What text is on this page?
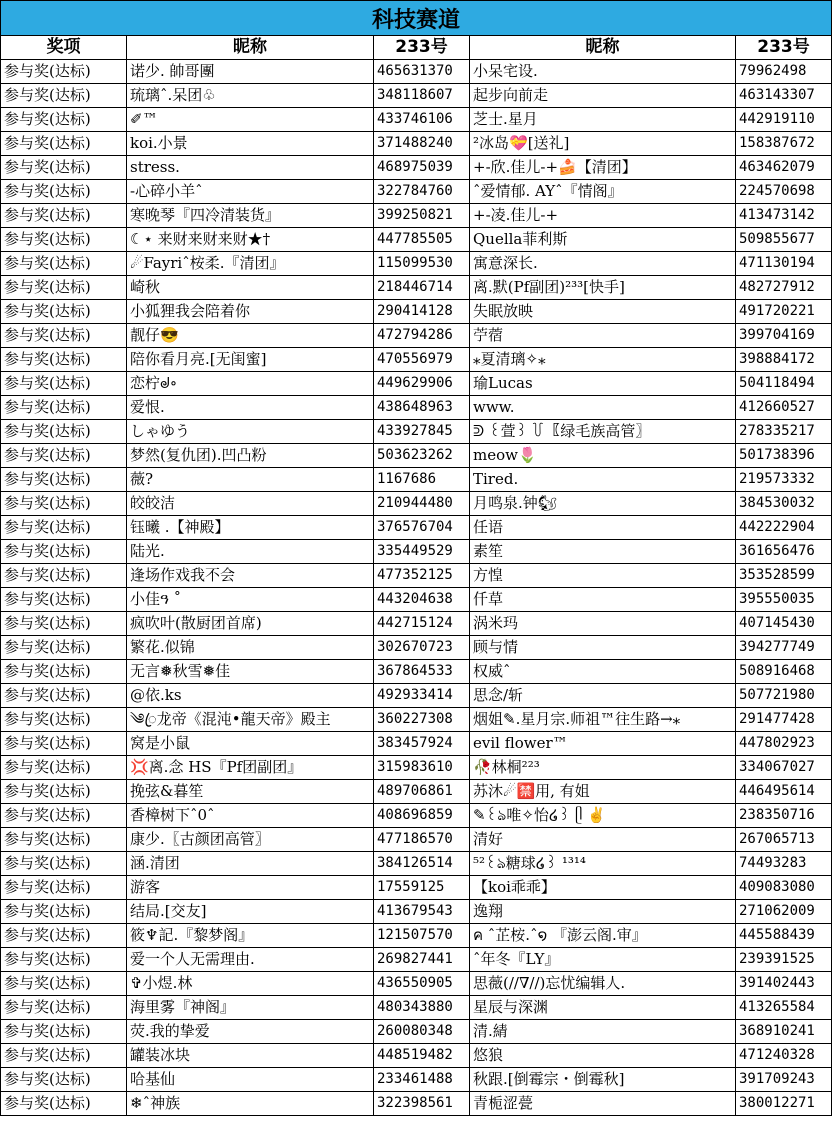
科技赛道
奖项	昵称	233号	昵称	233号
参与奖(达标)	诺少. 帥哥團	465631370	小呆宅设.	79962498
参与奖(达标)	琉璃ˆ.呆团♧	348118607	起步向前走	463143307
参与奖(达标)	✐™	433746106	芝士.星月	442919110
参与奖(达标)	koi.小景	371488240	²冰岛💝[送礼]	158387672
参与奖(达标)	stress.	468975039	+-欣.佳儿-+🍰【清团】	463462079
参与奖(达标)	-心碎小羊ˆ	322784760	ˆ爱情郁. AYˆ『情阁』	224570698
参与奖(达标)	寒晚琴『四冷清装货』	399250821	+-凌.佳儿-+	413473142
参与奖(达标)	☾⋆ 来财来财来财★†	447785505	Quella菲利斯	509855677
参与奖(达标)	☄Fayriˆ桉柔.『清团』	115099530	寓意深长.	471130194
参与奖(达标)	崎秋	218446714	离.默(Pf副团)²³³[快手]	482727912
参与奖(达标)	小狐狸我会陪着你	290414128	失眠放映	491720221
参与奖(达标)	靓仔😎	472794286	苧蓿	399704169
参与奖(达标)	陪你看月亮.[无闺蜜]	470556979	⁎夏清璃✧⁎	398884172
参与奖(达标)	恋柠ᖙ∘	449629906	瑜Lucas	504118494
参与奖(达标)	爱恨.	438648963	www.	412660527
参与奖(达标)	しゃゆう	433927845	ᕲ ꒰萱꒱ ꒦ 〖绿毛族高管〗	278335217
参与奖(达标)	梦然(复仇团).凹凸粉	503623262	meow🌷	501738396
参与奖(达标)	薇?	1167686	Tired.	219573332
参与奖(达标)	皎皎洁	210944480	月鸣泉.钟🐿	384530032
参与奖(达标)	钰曦 .【神殿】	376576704	任语	442222904
参与奖(达标)	陆光.	335449529	素笙	361656476
参与奖(达标)	逢场作戏我不会	477352125	方惶	353528599
参与奖(达标)	小佳ዓ ˚	443204638	仟草	395550035
参与奖(达标)	疯吹叶(散厨团首席)	442715124	涡米玛	407145430
参与奖(达标)	繁花.似锦	302670723	顾与情	394277749
参与奖(达标)	无言❅秋雪❅佳	367864533	权威ˆ	508916468
参与奖(达标)	@依.ks	492933414	思念/斩	507721980
参与奖(达标)	༄ꦿ龙帝《混沌•龍天帝》殿主	360227308	烟姐✎.星月宗.师祖™往生路→⁎	291477428
参与奖(达标)	窝是小鼠	383457924	evil flower™	447802923
参与奖(达标)	💢离.念 HS『Pf团副团』	315983610	🥀林桐²²³	334067027
参与奖(达标)	挽弦&暮笙	489706861	苏沐☄🈲用, 有姐	446495614
参与奖(达标)	香樟树下ˆ0ˆ	408696859	✎꒰ঌ唯✧怡໒꒱ ᥫ ✌	238350716
参与奖(达标)	康少.〖古颜团高管〗	477186570	清好	267065713
参与奖(达标)	涵.清团	384126514	⁵²꒰ঌ糖球໒꒱ ¹³¹⁴	74493283
参与奖(达标)	游客	17559125	【koi乖乖】	409083080
参与奖(达标)	结局.[交友]	413679543	逸翔	271062009
参与奖(达标)	筱♆記.『黎梦阁』	121507570	ค ˆ芷桉.ˆ໑ 『澎云阁.审』	445588439
参与奖(达标)	爱一个人无需理由.	269827441	ˆ年冬『LY』	239391525
参与奖(达标)	✞小煜.林	436550905	思薇(//∇//)忘忧编辑人.	391402443
参与奖(达标)	海里雾『神阁』	480343880	星辰与深渊	413265584
参与奖(达标)	荧.我的挚爱	260080348	清.綪	368910241
参与奖(达标)	罐装冰块	448519482	悠狼	471240328
参与奖(达标)	哈基仙	233461488	秋跟.[倒霉宗・倒霉秋]	391709243
参与奖(达标)	❄ˆ神族	322398561	青栀涩甍	380012271
